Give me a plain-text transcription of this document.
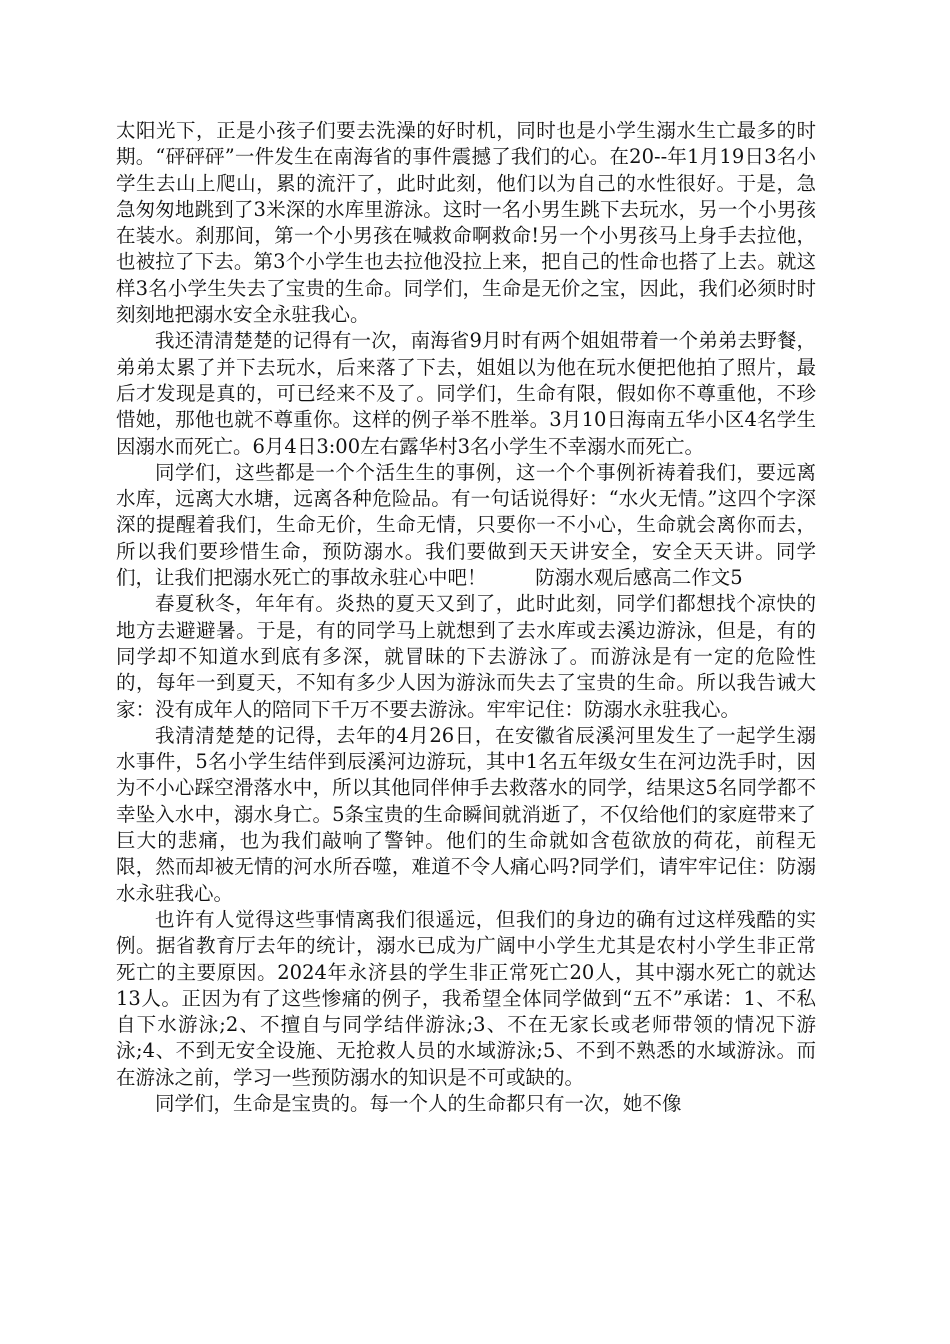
太阳光下，正是小孩子们要去洗澡的好时机，同时也是小学生溺水生亡最多的时期。“砰砰砰”一件发生在南海省的事件震撼了我们的心。在20--年1月19日3名小学生去山上爬山，累的流汗了，此时此刻，他们以为自己的水性很好。于是，急急匆匆地跳到了3米深的水库里游泳。这时一名小男生跳下去玩水，另一个小男孩在装水。刹那间，第一个小男孩在喊救命啊救命!另一个小男孩马上身手去拉他，也被拉了下去。第3个小学生也去拉他没拉上来，把自己的性命也搭了上去。就这样3名小学生失去了宝贵的生命。同学们，生命是无价之宝，因此，我们必须时时刻刻地把溺水安全永驻我心。

我还清清楚楚的记得有一次，南海省9月时有两个姐姐带着一个弟弟去野餐，弟弟太累了并下去玩水，后来落了下去，姐姐以为他在玩水便把他拍了照片，最后才发现是真的，可已经来不及了。同学们，生命有限，假如你不尊重他，不珍惜她，那他也就不尊重你。这样的例子举不胜举。3月10日海南五华小区4名学生因溺水而死亡。6月4日3:00左右露华村3名小学生不幸溺水而死亡。

同学们，这些都是一个个活生生的事例，这一个个事例祈祷着我们，要远离水库，远离大水塘，远离各种危险品。有一句话说得好：“水火无情。”这四个字深深的提醒着我们，生命无价，生命无情，只要你一不小心，生命就会离你而去，所以我们要珍惜生命，预防溺水。我们要做到天天讲安全，安全天天讲。同学们，让我们把溺水死亡的事故永驻心中吧！	防溺水观后感高二作文5

春夏秋冬，年年有。炎热的夏天又到了，此时此刻，同学们都想找个凉快的地方去避避暑。于是，有的同学马上就想到了去水库或去溪边游泳，但是，有的同学却不知道水到底有多深，就冒昧的下去游泳了。而游泳是有一定的危险性的，每年一到夏天，不知有多少人因为游泳而失去了宝贵的生命。所以我告诫大家：没有成年人的陪同下千万不要去游泳。牢牢记住：防溺水永驻我心。

我清清楚楚的记得，去年的4月26日，在安徽省辰溪河里发生了一起学生溺水事件，5名小学生结伴到辰溪河边游玩，其中1名五年级女生在河边洗手时，因为不小心踩空滑落水中，所以其他同伴伸手去救落水的同学，结果这5名同学都不幸坠入水中，溺水身亡。5条宝贵的生命瞬间就消逝了，不仅给他们的家庭带来了巨大的悲痛，也为我们敲响了警钟。他们的生命就如含苞欲放的荷花，前程无限，然而却被无情的河水所吞噬，难道不令人痛心吗?同学们，请牢牢记住：防溺水永驻我心。

也许有人觉得这些事情离我们很遥远，但我们的身边的确有过这样残酷的实例。据省教育厅去年的统计，溺水已成为广阔中小学生尤其是农村小学生非正常死亡的主要原因。2024年永济县的学生非正常死亡20人，其中溺水死亡的就达13人。正因为有了这些惨痛的例子，我希望全体同学做到“五不”承诺：1、不私自下水游泳;2、不擅自与同学结伴游泳;3、不在无家长或老师带领的情况下游泳;4、不到无安全设施、无抢救人员的水域游泳;5、不到不熟悉的水域游泳。而在游泳之前，学习一些预防溺水的知识是不可或缺的。

同学们，生命是宝贵的。每一个人的生命都只有一次，她不像
